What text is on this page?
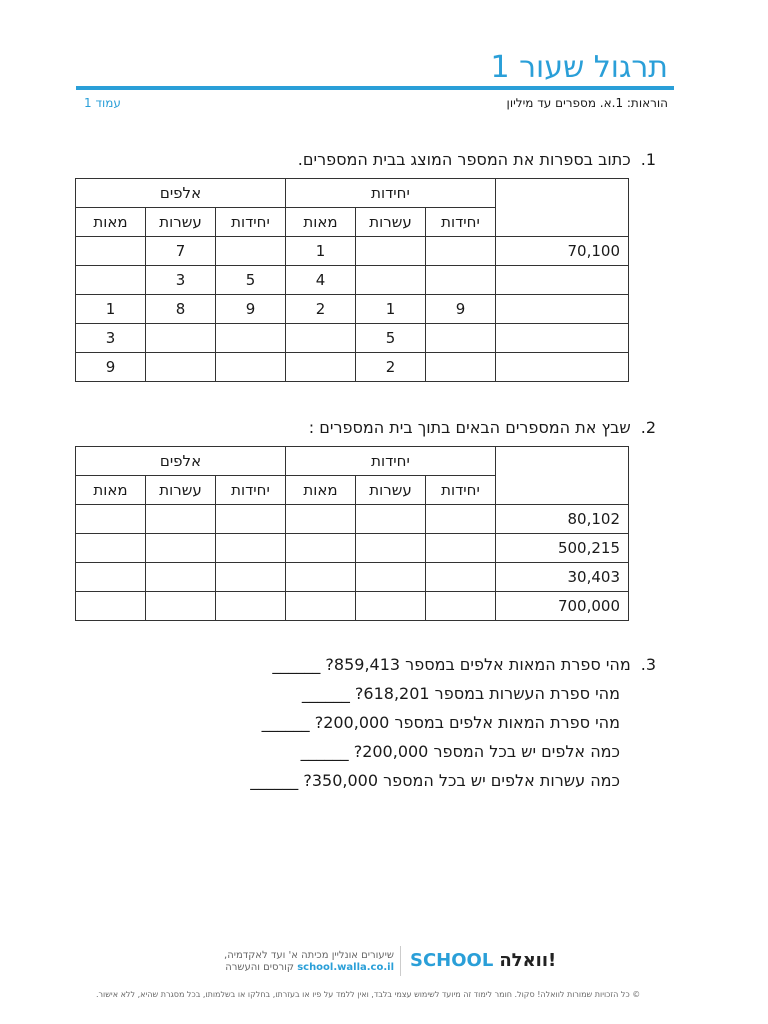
תרגול שעור 1
הוראות: 1.א. מספרים עד מיליון
עמוד 1
1.כתוב בספרות את המספר המוצג בבית המספרים.
	יחידות			אלפים		
	יחידות	עשרות	מאות	יחידות	עשרות	מאות
70,100			1		7	
			4	5	3	
	9	1	2	9	8	1
		5				3
		2				9
2.שבץ את המספרים הבאים בתוך בית המספרים :
	יחידות			אלפים		
	יחידות	עשרות	מאות	יחידות	עשרות	מאות
80,102						
500,215						
30,403						
700,000						
3.מהי ספרת המאות אלפים במספר 859,413? ______
מהי ספרת העשרות במספר 618,201? ______
מהי ספרת המאות אלפים במספר 200,000? ______
כמה אלפים יש בכל המספר 200,000? ______
כמה עשרות אלפים יש בכל המספר 350,000? ______
SCHOOL וואלה!
שיעורים אונליין מכיתה א' ועד לאקדמיה,
school.walla.co.il קורסים והעשרה
© כל הזכויות שמורות לוואלה! סקול. חומר לימוד זה מיועד לשימוש עצמי בלבד, ואין ללמד על פיו או בעזרתו, בחלקו או בשלמותו, בכל מסגרת שהיא, ללא אישור.
